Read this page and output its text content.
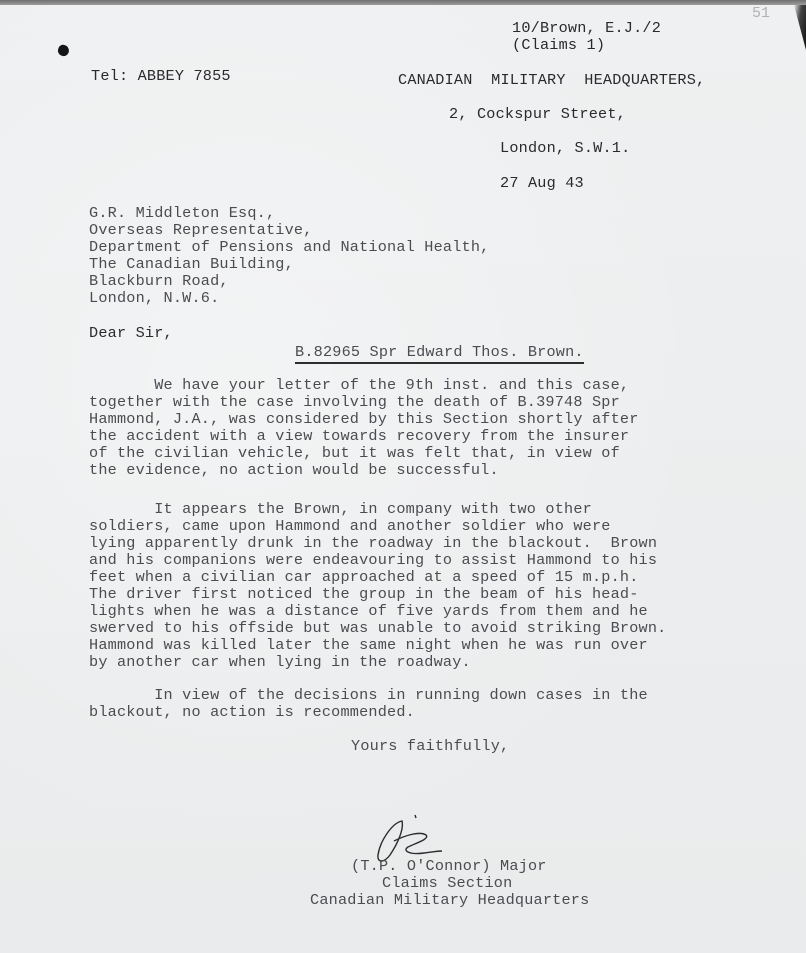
51
10/Brown, E.J./2
(Claims 1)
Tel: ABBEY 7855	CANADIAN  MILITARY  HEADQUARTERS,
2, Cockspur Street,
London, S.W.1.
27 Aug 43
G.R. Middleton Esq.,
Overseas Representative,
Department of Pensions and National Health,
The Canadian Building,
Blackburn Road,
London, N.W.6.
Dear Sir,
B.82965 Spr Edward Thos. Brown.
We have your letter of the 9th inst. and this case,
together with the case involving the death of B.39748 Spr
Hammond, J.A., was considered by this Section shortly after
the accident with a view towards recovery from the insurer
of the civilian vehicle, but it was felt that, in view of
the evidence, no action would be successful.
It appears the Brown, in company with two other
soldiers, came upon Hammond and another soldier who were
lying apparently drunk in the roadway in the blackout.  Brown
and his companions were endeavouring to assist Hammond to his
feet when a civilian car approached at a speed of 15 m.p.h.
The driver first noticed the group in the beam of his head-
lights when he was a distance of five yards from them and he
swerved to his offside but was unable to avoid striking Brown.
Hammond was killed later the same night when he was run over
by another car when lying in the roadway.
In view of the decisions in running down cases in the
blackout, no action is recommended.
Yours faithfully,
(T.P. O'Connor) Major
Claims Section
Canadian Military Headquarters
